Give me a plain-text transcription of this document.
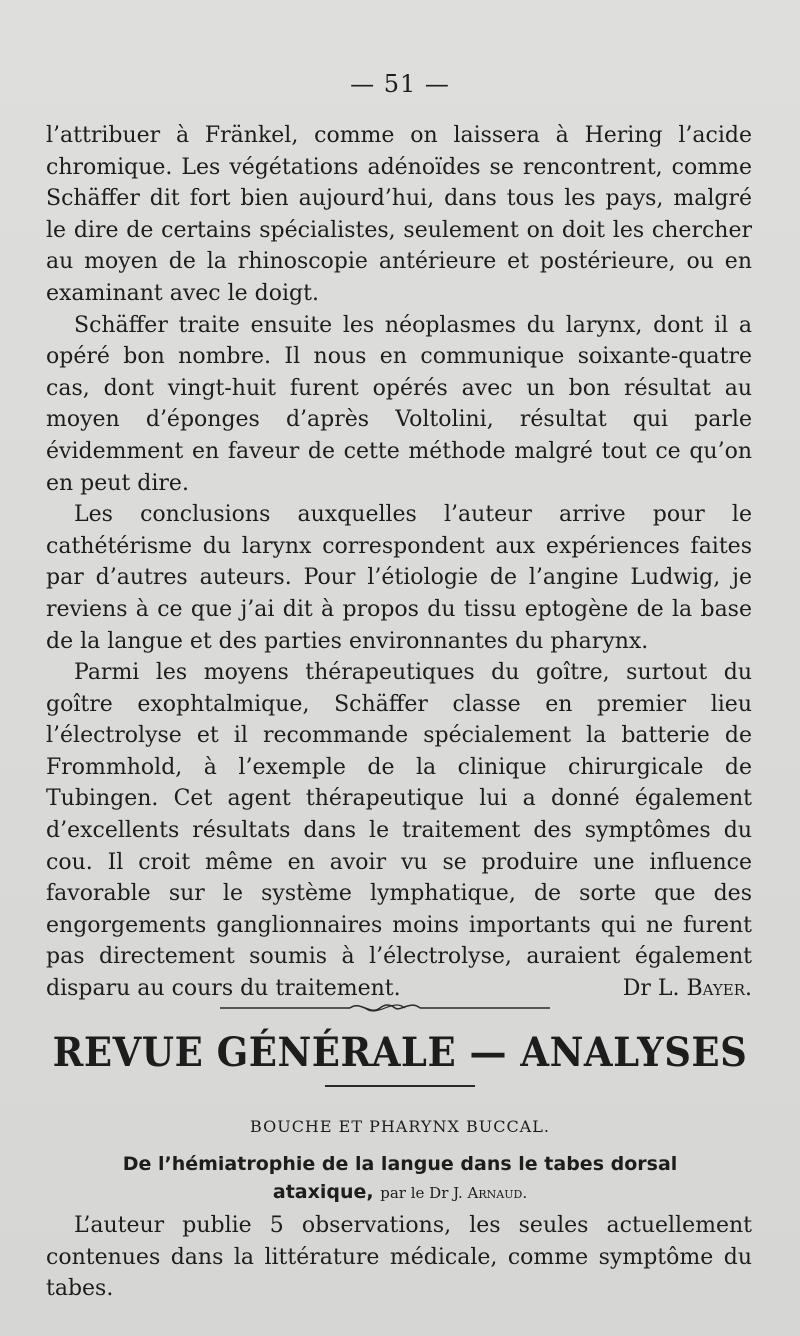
— 51 —

l’attribuer à Fränkel, comme on laissera à Hering l’acide chromique. Les végétations adénoïdes se rencontrent, comme Schäffer dit fort bien aujourd’hui, dans tous les pays, malgré le dire de certains spécialistes, seulement on doit les chercher au moyen de la rhinoscopie antérieure et postérieure, ou en examinant avec le doigt.

Schäffer traite ensuite les néoplasmes du larynx, dont il a opéré bon nombre. Il nous en communique soixante-quatre cas, dont vingt-huit furent opérés avec un bon résultat au moyen d’éponges d’après Voltolini, résultat qui parle évidemment en faveur de cette méthode malgré tout ce qu’on en peut dire.

Les conclusions auxquelles l’auteur arrive pour le cathétérisme du larynx correspondent aux expériences faites par d’autres auteurs. Pour l’étiologie de l’angine Ludwig, je reviens à ce que j’ai dit à propos du tissu eptogène de la base de la langue et des parties environnantes du pharynx.

Parmi les moyens thérapeutiques du goître, surtout du goître exophtalmique, Schäffer classe en premier lieu l’électrolyse et il recommande spécialement la batterie de Frommhold, à l’exemple de la clinique chirurgicale de Tubingen. Cet agent thérapeutique lui a donné également d’excellents résultats dans le traitement des symptômes du cou. Il croit même en avoir vu se produire une influence favorable sur le système lymphatique, de sorte que des engorgements ganglionnaires moins importants qui ne furent pas directement soumis à l’électrolyse, auraient également disparu au cours du traitement.	Dr L. Bayer.

REVUE GÉNÉRALE — ANALYSES
BOUCHE ET PHARYNX BUCCAL.
De l’hémiatrophie de la langue dans le tabes dorsal
ataxique, par le Dr J. Arnaud.

L’auteur publie 5 observations, les seules actuellement contenues dans la littérature médicale, comme symptôme du tabes.
